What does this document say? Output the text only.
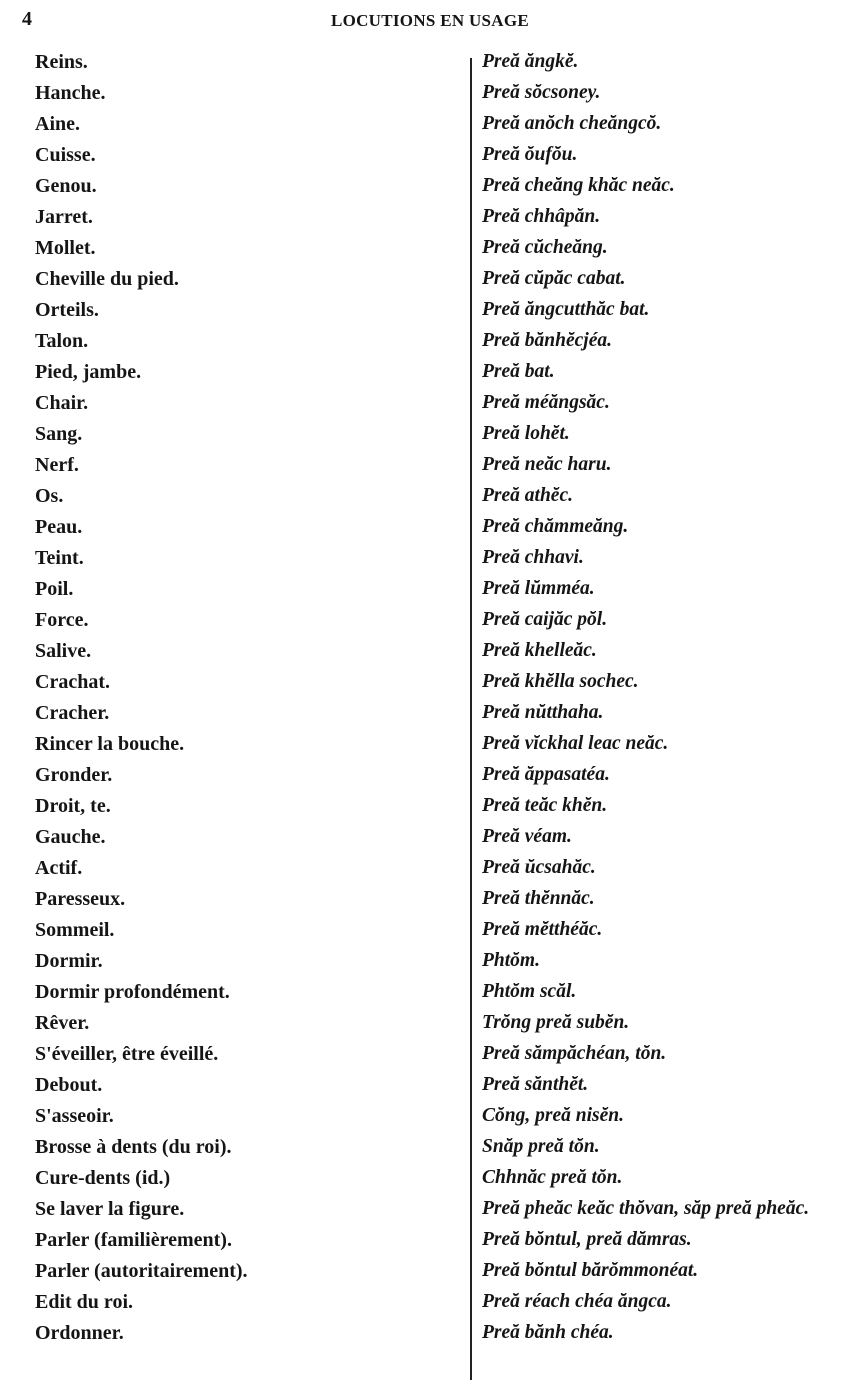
4	LOCUTIONS EN USAGE
Reins.	Preă ăngkĕ.
Hanche.	Preă sŏcsoney.
Aine.	Preă anŏch cheăngcŏ.
Cuisse.	Preă ŏufŏu.
Genou.	Preă cheăng khăc neăc.
Jarret.	Preă chhâpăn.
Mollet.	Preă cŭcheăng.
Cheville du pied.	Preă cŭpăc cabat.
Orteils.	Preă ăngcutthăc bat.
Talon.	Preă bănhĕcjéa.
Pied, jambe.	Preă bat.
Chair.	Preă méăngsăc.
Sang.	Preă lohĕt.
Nerf.	Preă neăc haru.
Os.	Preă athĕc.
Peau.	Preă chămmeăng.
Teint.	Preă chhavi.
Poil.	Preă lŭmméa.
Force.	Preă caijăc pŏl.
Salive.	Preă khelleăc.
Crachat.	Preă khĕlla sochec.
Cracher.	Preă nŭtthaha.
Rincer la bouche.	Preă vĭckhal leac neăc.
Gronder.	Preă ăppasatéa.
Droit, te.	Preă teăc khĕn.
Gauche.	Preă véam.
Actif.	Preă ŭcsahăc.
Paresseux.	Preă thĕnnăc.
Sommeil.	Preă mĕtthéăc.
Dormir.	Phtŏm.
Dormir profondément.	Phtŏm scăl.
Rêver.	Trŏng preă subĕn.
S'éveiller, être éveillé.	Preă sămpăchéan, tŏn.
Debout.	Preă sănthĕt.
S'asseoir.	Cŏng, preă nisĕn.
Brosse à dents (du roi).	Snăp preă tŏn.
Cure-dents (id.)	Chhnăc preă tŏn.
Se laver la figure.	Preă pheăc keăc thŏvan, săp preă pheăc.
Parler (familièrement).	Preă bŏntul, preă dămras.
Parler (autoritairement).	Preă bŏntul bărŏmmonéat.
Edit du roi.	Preă réach chéa ăngca.
Ordonner.	Preă bănh chéa.
